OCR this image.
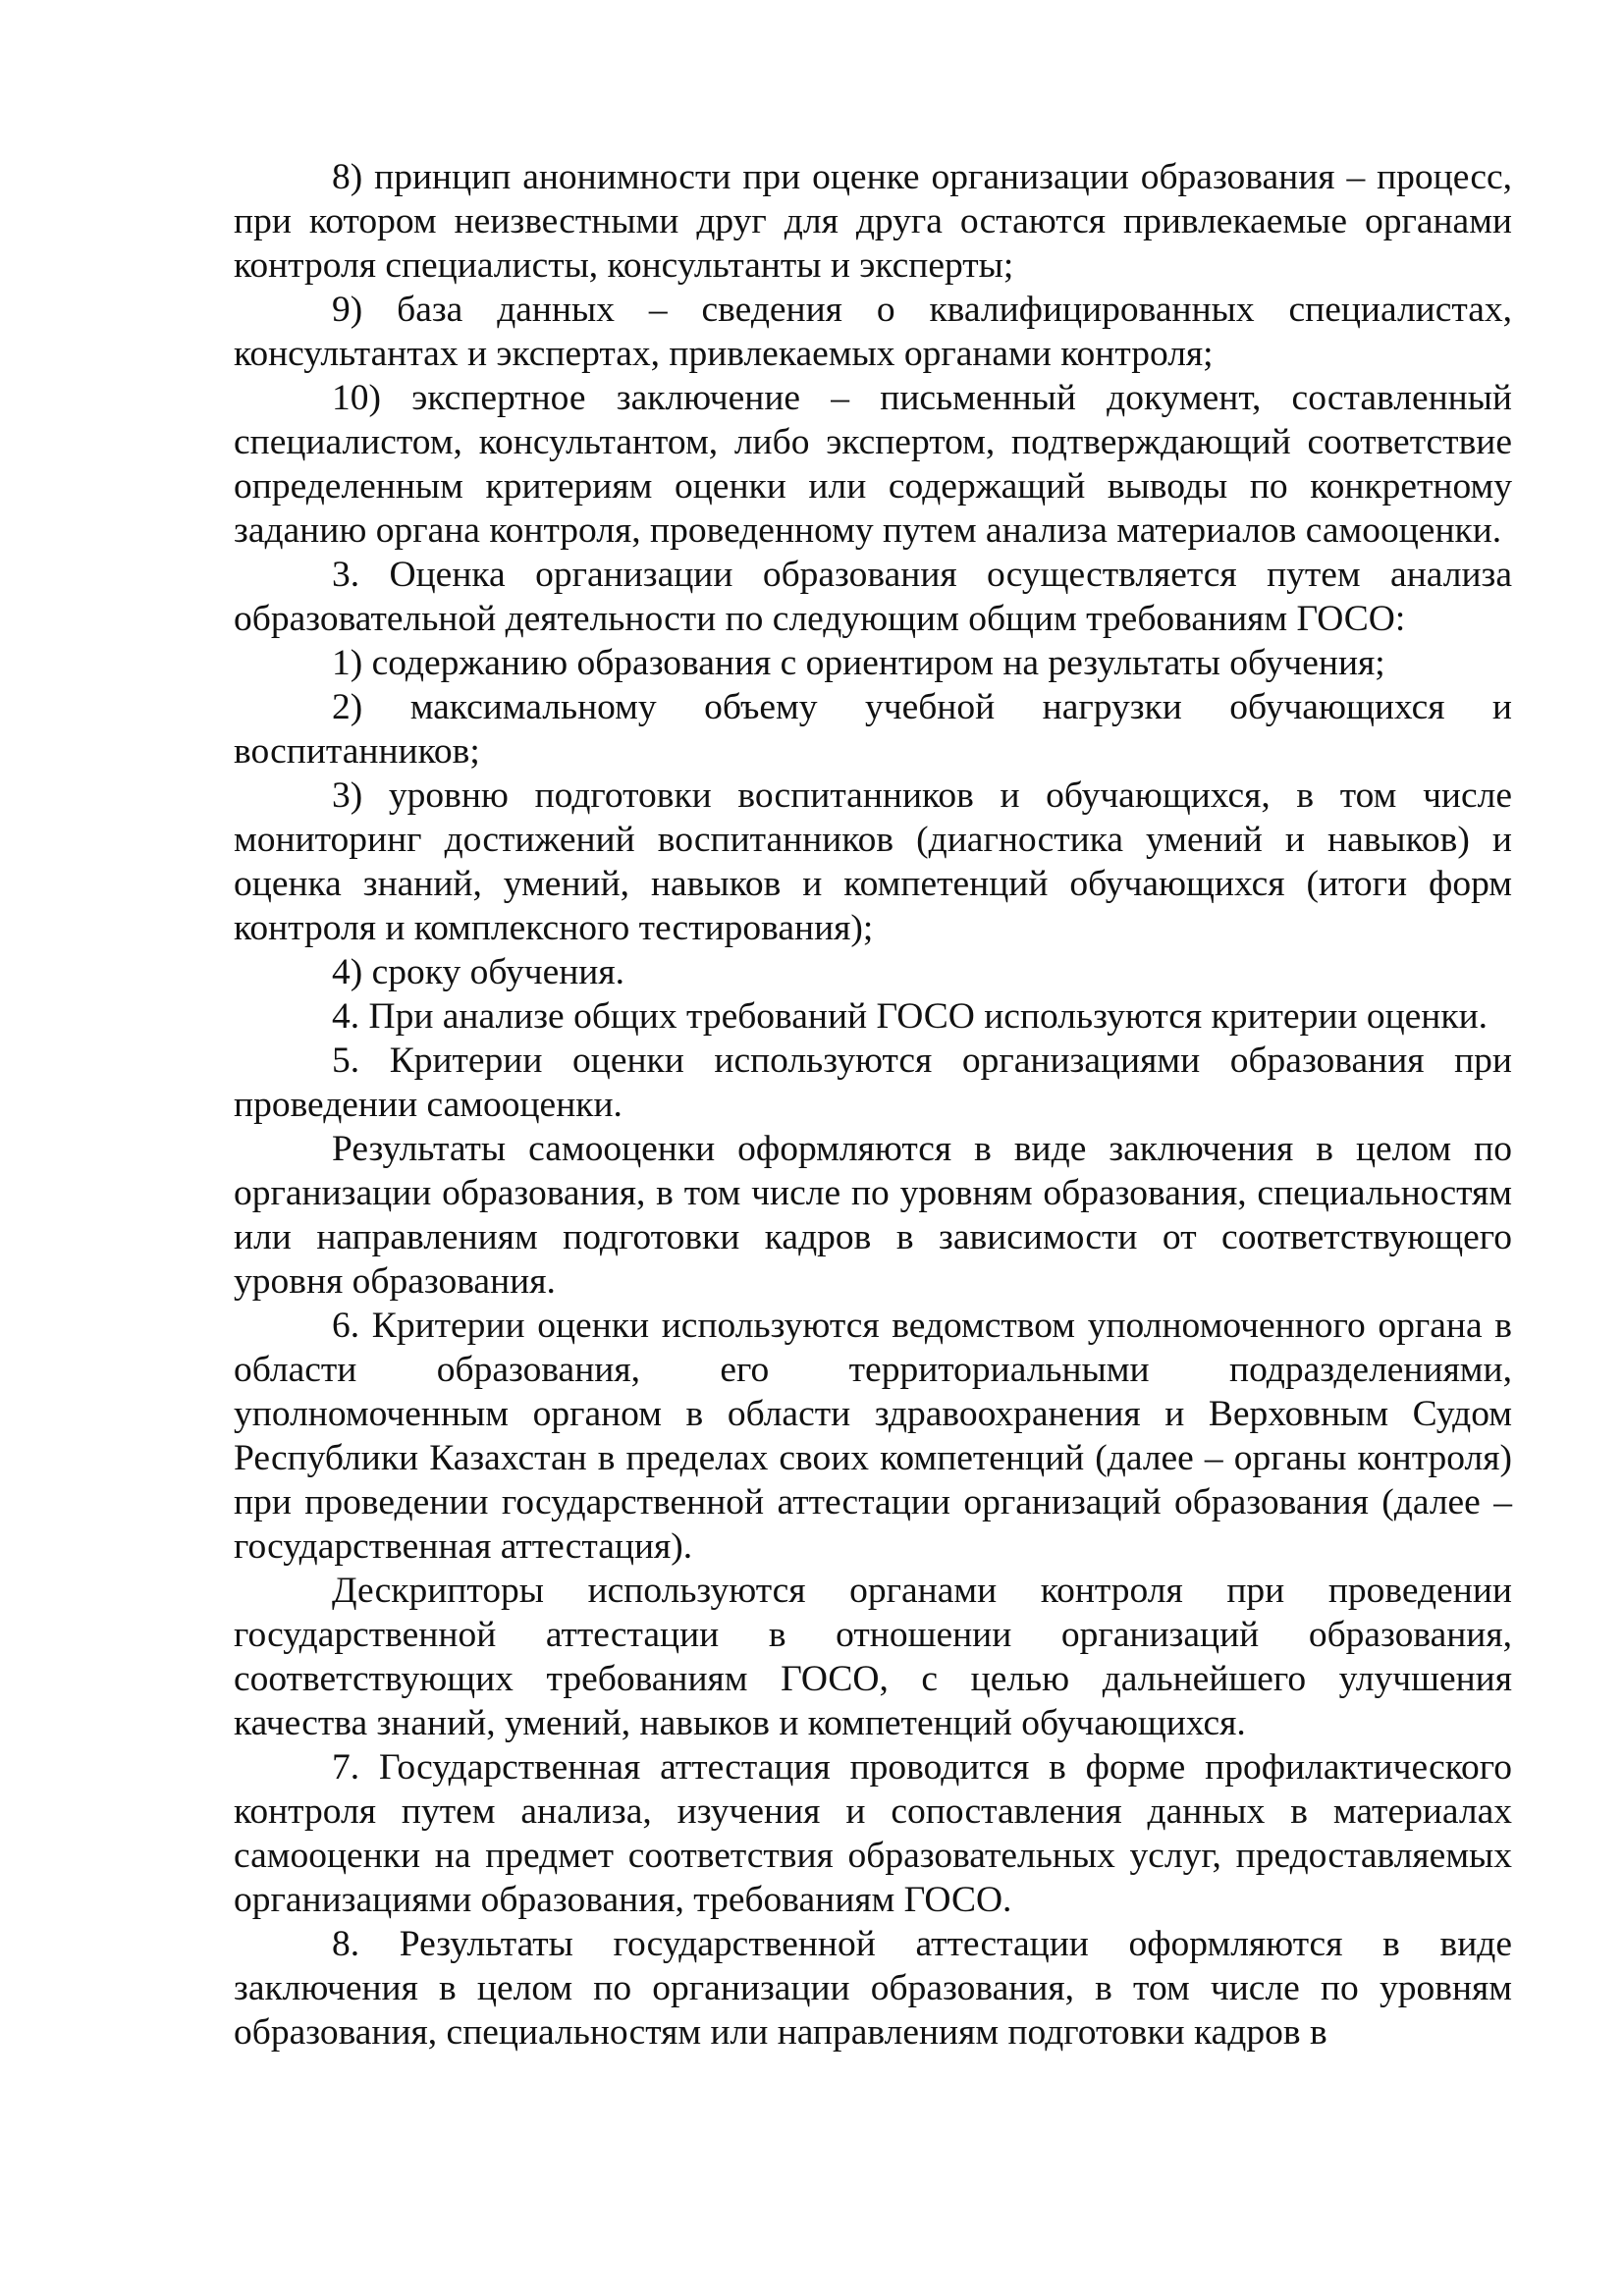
8) принцип анонимности при оценке организации образования – процесс, при котором неизвестными друг для друга остаются привлекаемые органами контроля специалисты, консультанты и эксперты;

9) база данных – сведения о квалифицированных специалистах, консультантах и экспертах, привлекаемых органами контроля;

10) экспертное заключение – письменный документ, составленный специалистом, консультантом, либо экспертом, подтверждающий соответствие определенным критериям оценки или содержащий выводы по конкретному заданию органа контроля, проведенному путем анализа материалов самооценки.

3. Оценка организации образования осуществляется путем анализа образовательной деятельности по следующим общим требованиям ГОСО:

1) содержанию образования с ориентиром на результаты обучения;

2) максимальному объему учебной нагрузки обучающихся и воспитанников;

3) уровню подготовки воспитанников и обучающихся, в том числе мониторинг достижений воспитанников (диагностика умений и навыков) и оценка знаний, умений, навыков и компетенций обучающихся (итоги форм контроля и комплексного тестирования);

4) сроку обучения.

4. При анализе общих требований ГОСО используются критерии оценки.

5. Критерии оценки используются организациями образования при проведении самооценки.

Результаты самооценки оформляются в виде заключения в целом по организации образования, в том числе по уровням образования, специальностям или направлениям подготовки кадров в зависимости от соответствующего уровня образования.

6. Критерии оценки используются ведомством уполномоченного органа в области образования, его территориальными подразделениями, уполномоченным органом в области здравоохранения и Верховным Судом Республики Казахстан в пределах своих компетенций (далее – органы контроля) при проведении государственной аттестации организаций образования (далее – государственная аттестация).

Дескрипторы используются органами контроля при проведении государственной аттестации в отношении организаций образования, соответствующих требованиям ГОСО, с целью дальнейшего улучшения качества знаний, умений, навыков и компетенций обучающихся.

7. Государственная аттестация проводится в форме профилактического контроля путем анализа, изучения и сопоставления данных в материалах самооценки на предмет соответствия образовательных услуг, предоставляемых организациями образования, требованиям ГОСО.

8. Результаты государственной аттестации оформляются в виде заключения в целом по организации образования, в том числе по уровням образования, специальностям или направлениям подготовки кадров в
